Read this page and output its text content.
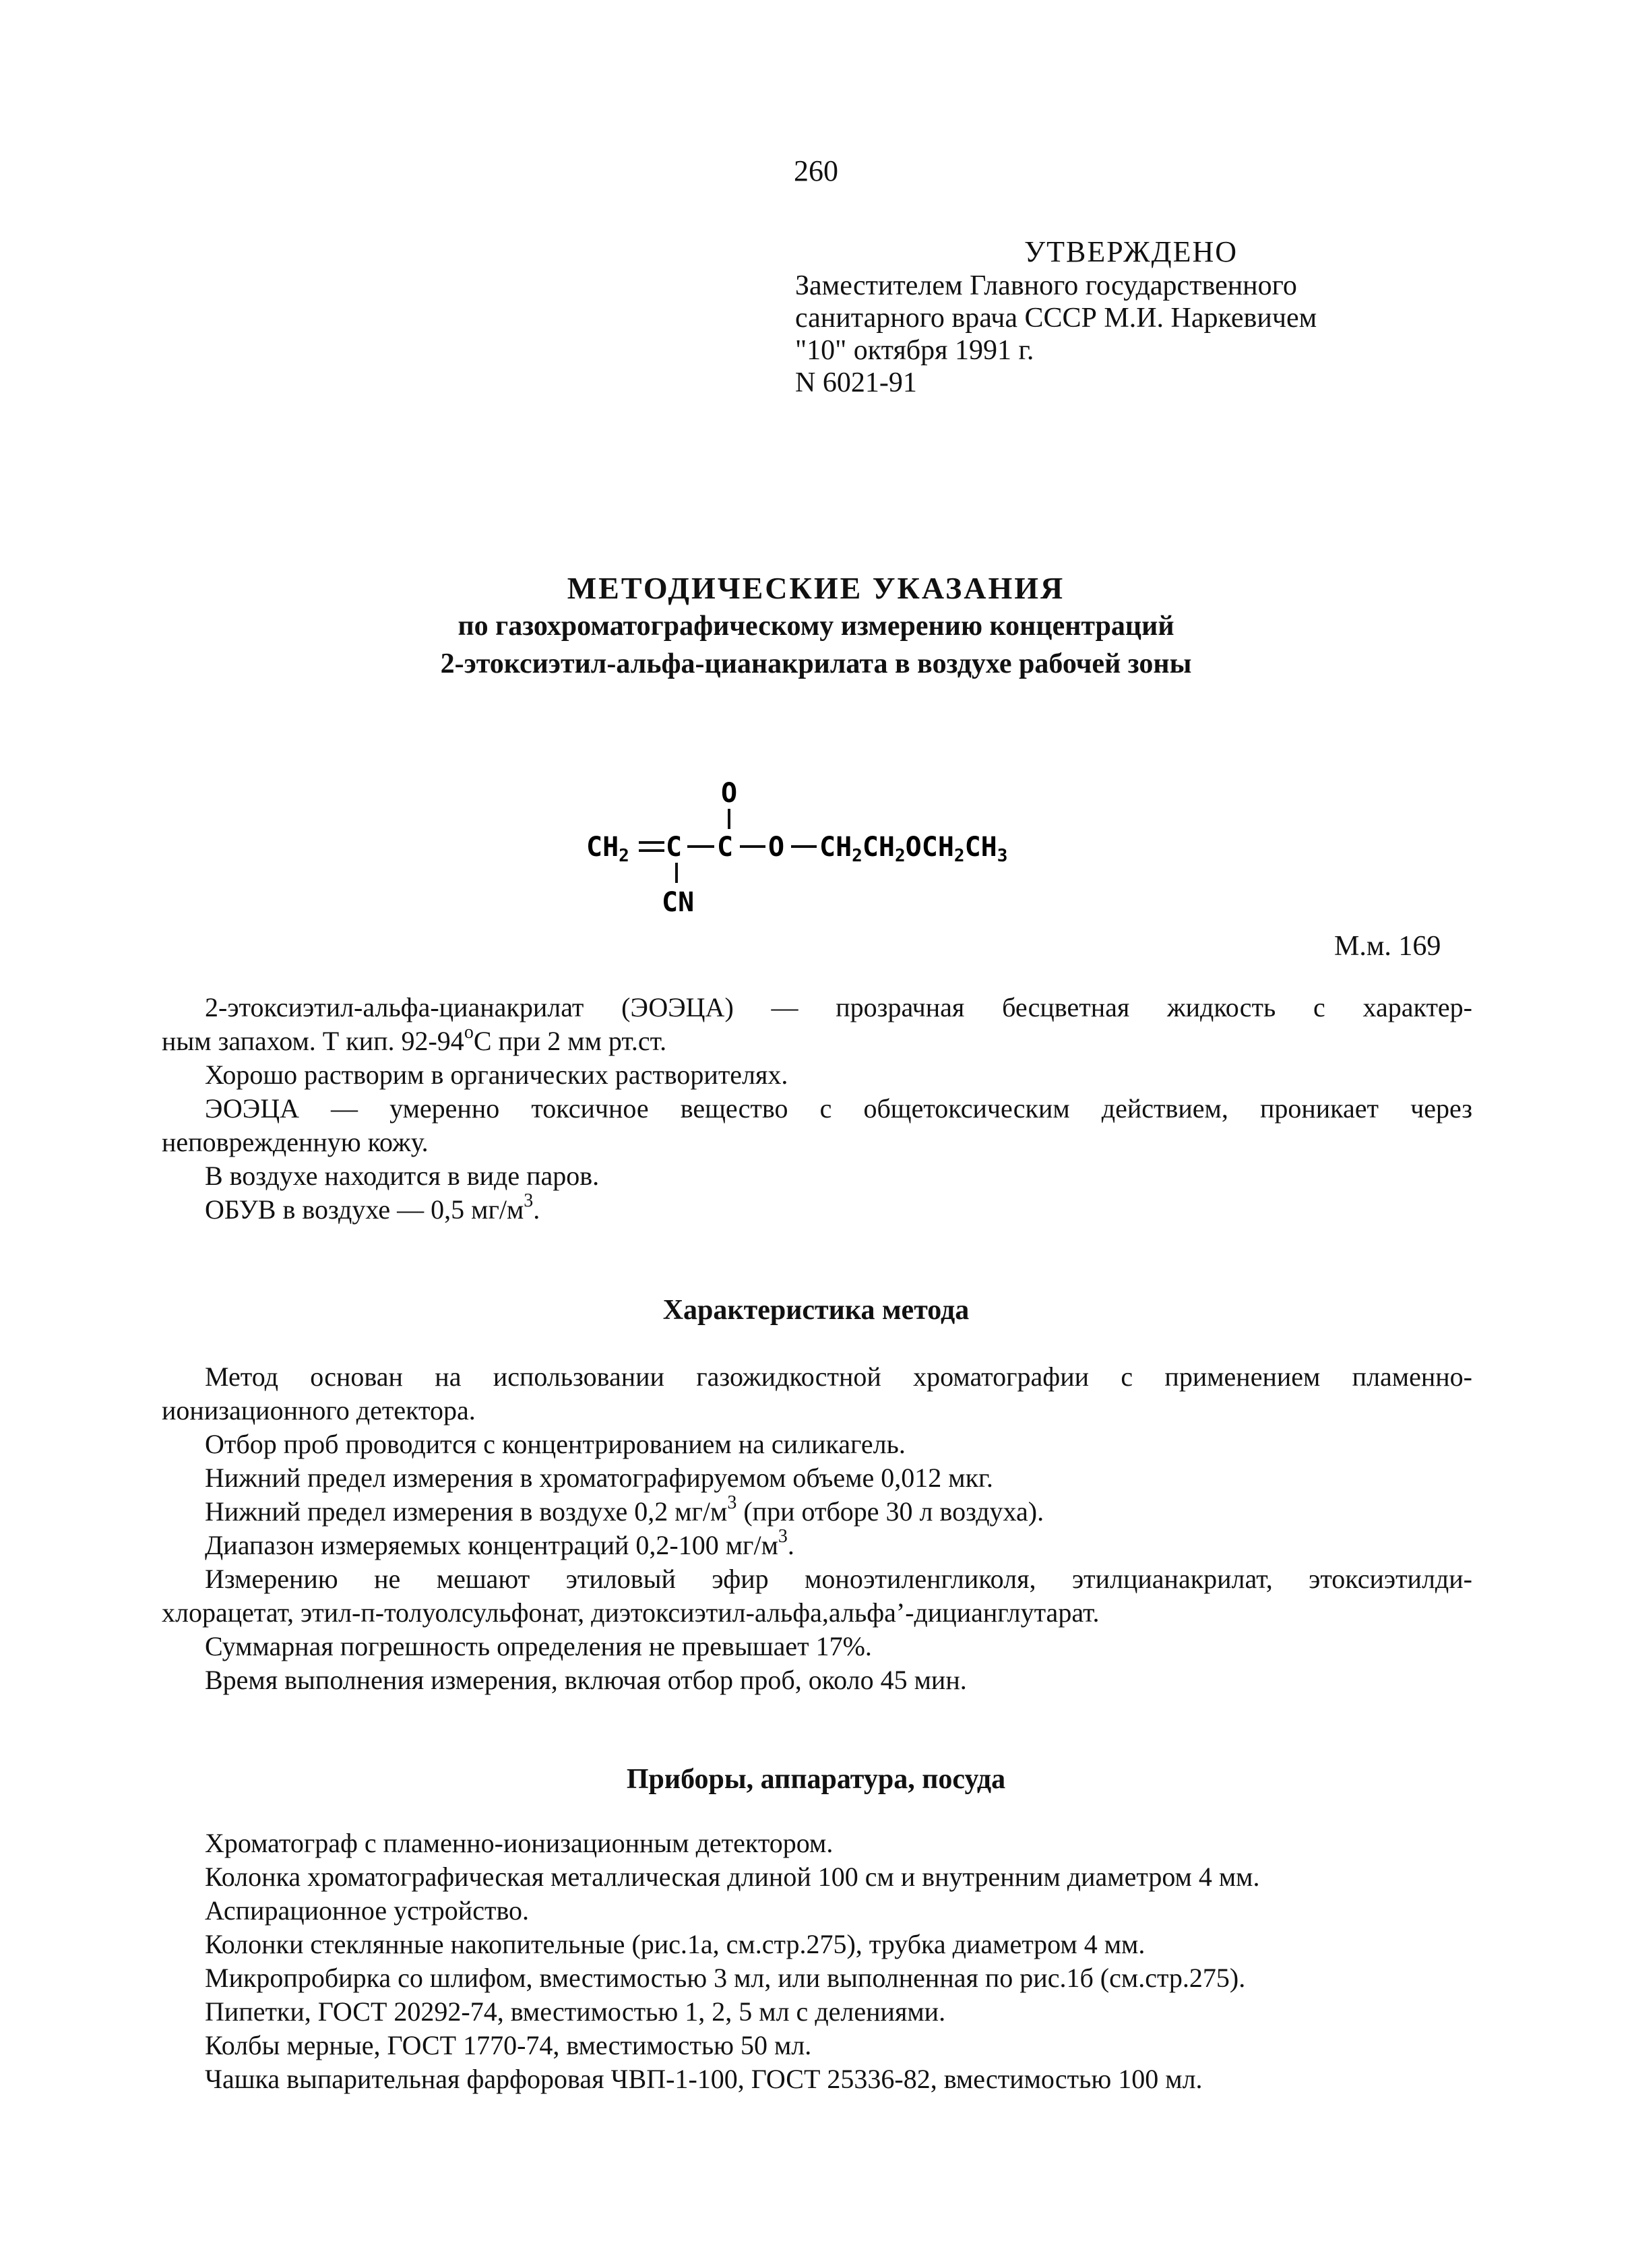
260
УТВЕРЖДЕНО
Заместителем Главного государственного
санитарного врача СССР М.И. Наркевичем
"10" октября 1991 г.
N 6021-91
МЕТОДИЧЕСКИЕ УКАЗАНИЯ
по газохроматографическому измерению концентраций
2-этоксиэтил-альфа-цианакрилата в воздухе рабочей зоны
O
$CH_2$ C C O $CH_2CH_2OCH_2CH_3$
CN
М.м. 169

2-этоксиэтил-альфа-цианакрилат (ЭОЭЦА) — прозрачная бесцветная жидкость с характер-

ным запахом. Т кип. $92-94^оС$ при 2 мм рт.ст.

Хорошо растворим в органических растворителях.

ЭОЭЦА — умеренно токсичное вещество с общетоксическим действием, проникает через

неповрежденную кожу.

В воздухе находится в виде паров.

ОБУВ в воздухе — 0,5 $мг/м^3$.

Характеристика метода

Метод основан на использовании газожидкостной хроматографии с применением пламенно-

ионизационного детектора.

Отбор проб проводится с концентрированием на силикагель.

Нижний предел измерения в хроматографируемом объеме 0,012 мкг.

Нижний предел измерения в воздухе 0,2 $мг/м^3$ (при отборе 30 л воздуха).

Диапазон измеряемых концентраций 0,2-100 $мг/м^3$.

Измерению не мешают этиловый эфир моноэтиленгликоля, этилцианакрилат, этоксиэтилди-

хлорацетат, этил-п-толуолсульфонат, диэтоксиэтил-альфа,альфа’-дицианглутарат.

Суммарная погрешность определения не превышает 17%.

Время выполнения измерения, включая отбор проб, около 45 мин.

Приборы, аппаратура, посуда

Хроматограф с пламенно-ионизационным детектором.

Колонка хроматографическая металлическая длиной 100 см и внутренним диаметром 4 мм.

Аспирационное устройство.

Колонки стеклянные накопительные (рис.1а, см.стр.275), трубка диаметром 4 мм.

Микропробирка со шлифом, вместимостью 3 мл, или выполненная по рис.1б (см.стр.275).

Пипетки, ГОСТ 20292-74, вместимостью 1, 2, 5 мл с делениями.

Колбы мерные, ГОСТ 1770-74, вместимостью 50 мл.

Чашка выпарительная фарфоровая ЧВП-1-100, ГОСТ 25336-82, вместимостью 100 мл.
